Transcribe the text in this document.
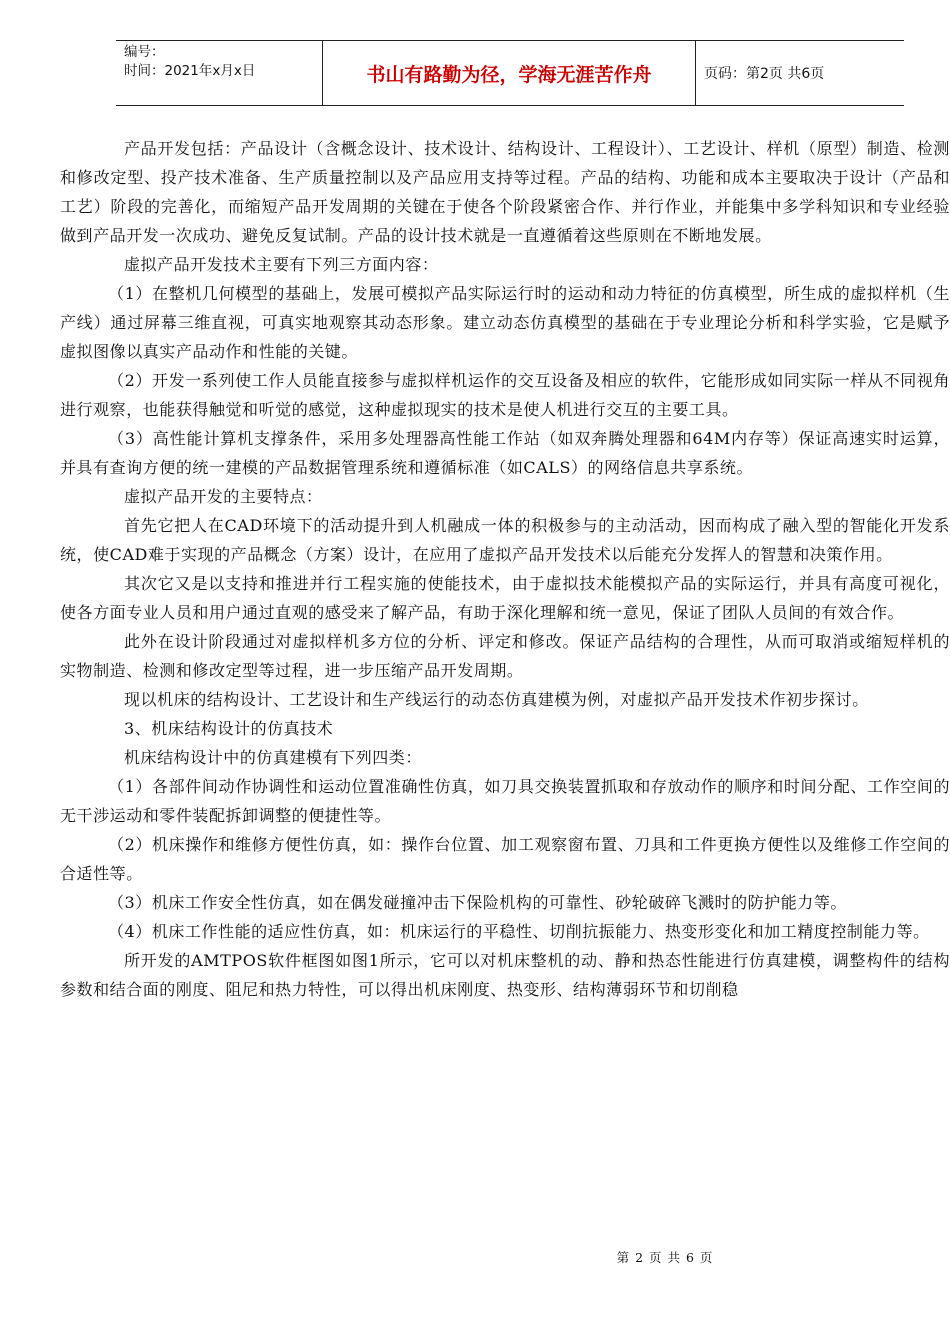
编号：
时间：2021年x月x日	书山有路勤为径，学海无涯苦作舟	页码：第2页 共6页

产品开发包括：产品设计（含概念设计、技术设计、结构设计、工程设计）、工艺设计、样机（原型）制造、检测和修改定型、投产技术准备、生产质量控制以及产品应用支持等过程。产品的结构、功能和成本主要取决于设计（产品和工艺）阶段的完善化，而缩短产品开发周期的关键在于使各个阶段紧密合作、并行作业，并能集中多学科知识和专业经验做到产品开发一次成功、避免反复试制。产品的设计技术就是一直遵循着这些原则在不断地发展。

虚拟产品开发技术主要有下列三方面内容：

（1）在整机几何模型的基础上，发展可模拟产品实际运行时的运动和动力特征的仿真模型，所生成的虚拟样机（生产线）通过屏幕三维直视，可真实地观察其动态形象。建立动态仿真模型的基础在于专业理论分析和科学实验，它是赋予虚拟图像以真实产品动作和性能的关键。

（2）开发一系列使工作人员能直接参与虚拟样机运作的交互设备及相应的软件，它能形成如同实际一样从不同视角进行观察，也能获得触觉和听觉的感觉，这种虚拟现实的技术是使人机进行交互的主要工具。

（3）高性能计算机支撑条件，采用多处理器高性能工作站（如双奔腾处理器和64M内存等）保证高速实时运算，并具有查询方便的统一建模的产品数据管理系统和遵循标准（如CALS）的网络信息共享系统。

虚拟产品开发的主要特点：

首先它把人在CAD环境下的活动提升到人机融成一体的积极参与的主动活动，因而构成了融入型的智能化开发系统，使CAD难于实现的产品概念（方案）设计，在应用了虚拟产品开发技术以后能充分发挥人的智慧和决策作用。

其次它又是以支持和推进并行工程实施的使能技术，由于虚拟技术能模拟产品的实际运行，并具有高度可视化，使各方面专业人员和用户通过直观的感受来了解产品，有助于深化理解和统一意见，保证了团队人员间的有效合作。

此外在设计阶段通过对虚拟样机多方位的分析、评定和修改。保证产品结构的合理性，从而可取消或缩短样机的实物制造、检测和修改定型等过程，进一步压缩产品开发周期。

现以机床的结构设计、工艺设计和生产线运行的动态仿真建模为例，对虚拟产品开发技术作初步探讨。

3、机床结构设计的仿真技术

机床结构设计中的仿真建模有下列四类：

（1）各部件间动作协调性和运动位置准确性仿真，如刀具交换装置抓取和存放动作的顺序和时间分配、工作空间的无干涉运动和零件装配拆卸调整的便捷性等。

（2）机床操作和维修方便性仿真，如：操作台位置、加工观察窗布置、刀具和工件更换方便性以及维修工作空间的合适性等。

（3）机床工作安全性仿真，如在偶发碰撞冲击下保险机构的可靠性、砂轮破碎飞溅时的防护能力等。

（4）机床工作性能的适应性仿真，如：机床运行的平稳性、切削抗振能力、热变形变化和加工精度控制能力等。

所开发的AMTPOS软件框图如图1所示，它可以对机床整机的动、静和热态性能进行仿真建模，调整构件的结构参数和结合面的刚度、阻尼和热力特性，可以得出机床刚度、热变形、结构薄弱环节和切削稳

第 2 页 共 6 页
